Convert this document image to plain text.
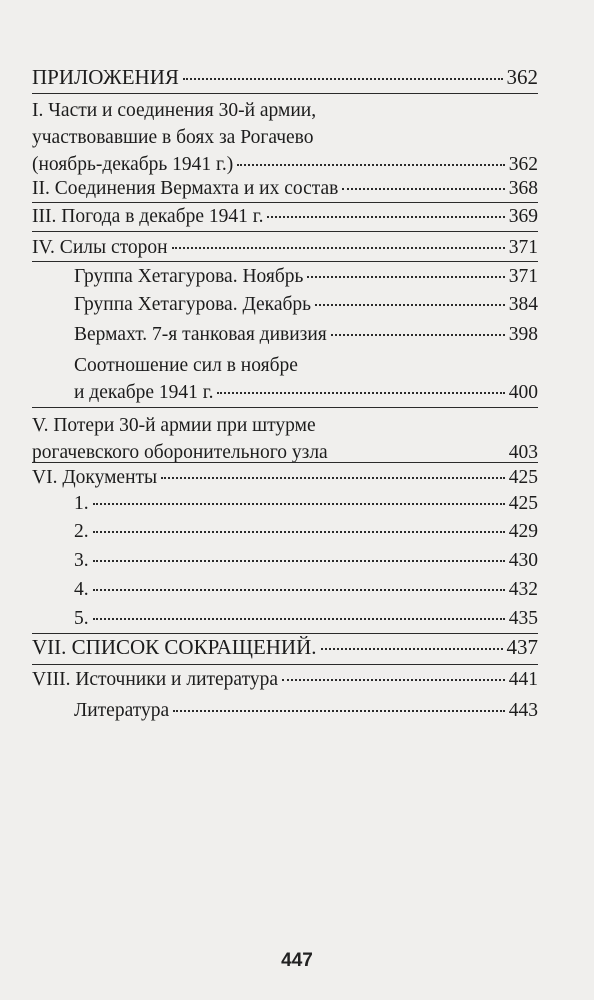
ПРИЛОЖЕНИЯ	362
I. Части и соединения 30-й армии,
участвовавшие в боях за Рогачево
(ноябрь-декабрь 1941 г.)	362
II. Соединения Вермахта и их состав	368
III. Погода в декабре 1941 г.	369
IV. Силы сторон	371
Группа Хетагурова. Ноябрь	371
Группа Хетагурова. Декабрь	384
Вермахт. 7-я танковая дивизия	398
Соотношение сил в ноябре
и декабре 1941 г.	400
V. Потери 30-й армии при штурме
рогачевского оборонительного узла	403
VI. Документы	425
1.	425
2.	429
3.	430
4.	432
5.	435
VII. СПИСОК СОКРАЩЕНИЙ.	437
VIII. Источники и литература	441
Литература	443
447
